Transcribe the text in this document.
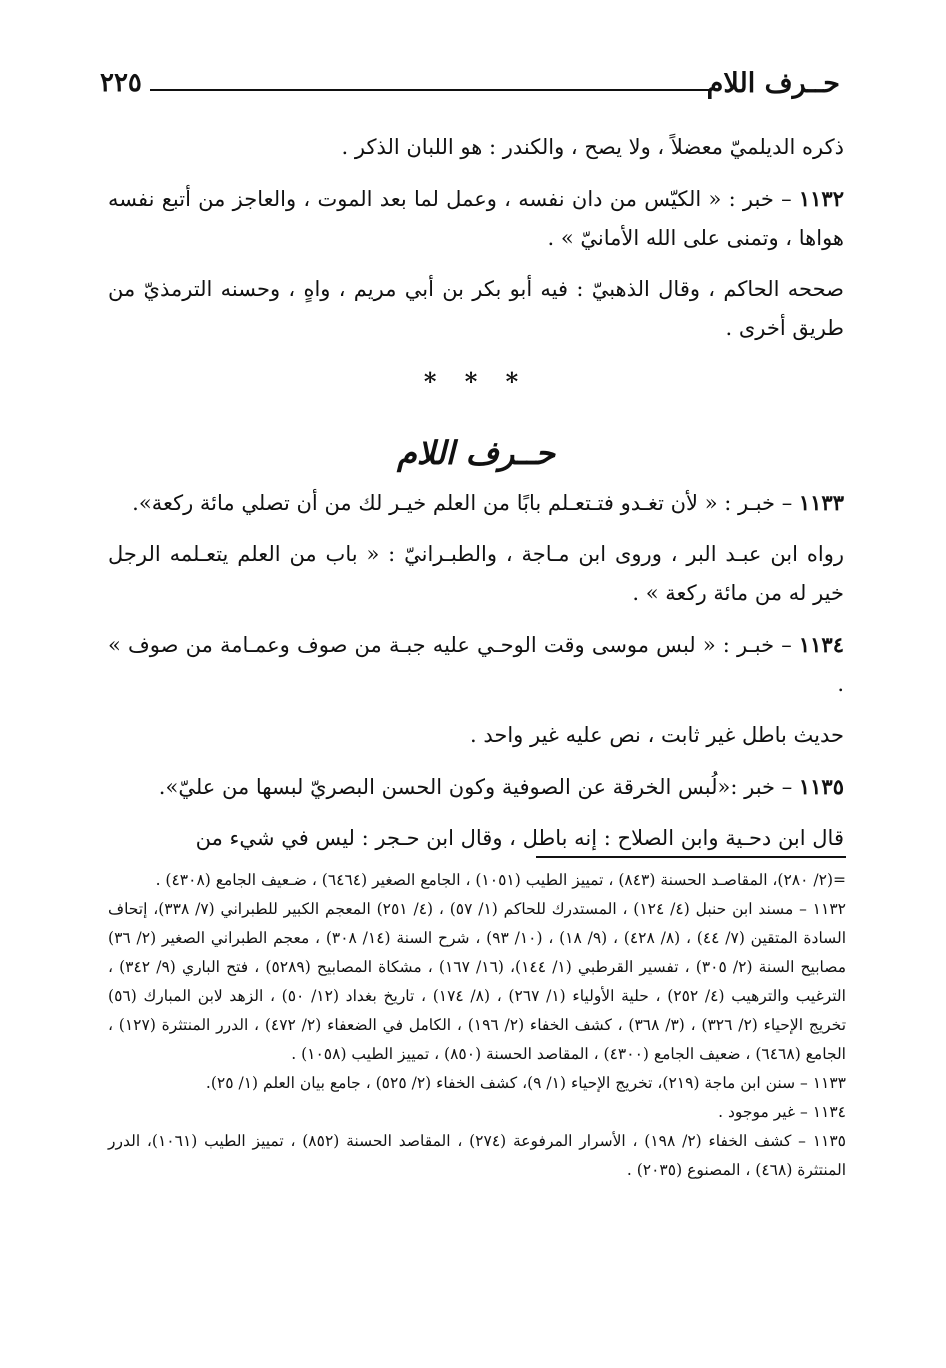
حــرف اللام
٢٢٥

ذكره الديلميّ معضلاً ، ولا يصح ، والكندر : هو اللبان الذكر .

١١٣٢ – خبر : « الكيّس من دان نفسه ، وعمل لما بعد الموت ، والعاجز من أتبع نفسه هواها ، وتمنى على الله الأمانيّ » .

صححه الحاكم ، وقال الذهبيّ : فيه أبو بكر بن أبي مريم ، واهٍ ، وحسنه الترمذيّ من طريق أخرى .

* * *
حــرف اللام

١١٣٣ – خبـر : « لأن تغـدو فتـتعـلم بابًا من العلم خيـر لك من أن تصلي مائة ركعة».

رواه ابن عبـد البر ، وروى ابن مـاجة ، والطبـرانيّ : « باب من العلم يتعـلمه الرجل خير له من مائة ركعة » .

١١٣٤ – خبـر : « لبس موسى وقت الوحـي عليه جبـة من صوف وعمـامة من صوف » .

حديث باطل غير ثابت ، نص عليه غير واحد .

١١٣٥ – خبر :«لُبس الخرقة عن الصوفية وكون الحسن البصريّ لبسها من عليّ».

قال ابن دحـية وابن الصلاح : إنه باطل ، وقال ابن حـجر : ليس في شيء من

=(٢/ ٢٨٠)، المقاصـد الحسنة (٨٤٣) ، تمييز الطيب (١٠٥١) ، الجامع الصغير (٦٤٦٤) ، ضـعيف الجامع (٤٣٠٨) .

١١٣٢ – مسند ابن حنبل (٤/ ١٢٤) ، المستدرك للحاكم (١/ ٥٧) ، (٤/ ٢٥١) المعجم الكبير للطبراني (٧/ ٣٣٨)، إتحاف السادة المتقين (٧/ ٤٤) ، (٨/ ٤٢٨) ، (٩/ ١٨) ، (١٠/ ٩٣) ، شرح السنة (١٤/ ٣٠٨) ، معجم الطبراني الصغير (٢/ ٣٦) مصابيح السنة (٢/ ٣٠٥) ، تفسير القرطبي (١/ ١٤٤)، (١٦/ ١٦٧) ، مشكاة المصابيح (٥٢٨٩) ، فتح الباري (٩/ ٣٤٢) ، الترغيب والترهيب (٤/ ٢٥٢) ، حلية الأولياء (١/ ٢٦٧) ، (٨/ ١٧٤) ، تاريخ بغداد (١٢/ ٥٠) ، الزهد لابن المبارك (٥٦) تخريج الإحياء (٢/ ٣٢٦) ، (٣/ ٣٦٨) ، كشف الخفاء (٢/ ١٩٦) ، الكامل في الضعفاء (٢/ ٤٧٢) ، الدرر المنتثرة (١٢٧) ، الجامع (٦٤٦٨) ، ضعيف الجامع (٤٣٠٠) ، المقاصد الحسنة (٨٥٠) ، تمييز الطيب (١٠٥٨) .

١١٣٣ – سنن ابن ماجة (٢١٩)، تخريج الإحياء (١/ ٩)، كشف الخفاء (٢/ ٥٢٥) ، جامع بيان العلم (١/ ٢٥).

١١٣٤ – غير موجود .

١١٣٥ – كشف الخفاء (٢/ ١٩٨) ، الأسرار المرفوعة (٢٧٤) ، المقاصد الحسنة (٨٥٢) ، تمييز الطيب (١٠٦١)، الدرر المنتثرة (٤٦٨) ، المصنوع (٢٠٣٥) .
